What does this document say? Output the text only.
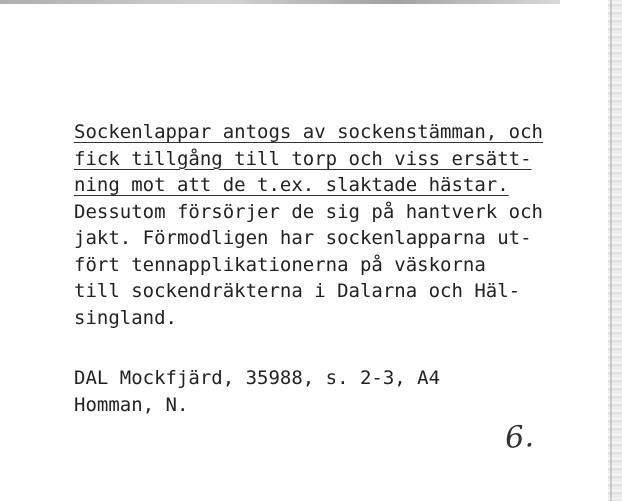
Sockenlappar antogs av sockenstämman, och
fick tillgång till torp och viss ersätt-
ning mot att de t.ex. slaktade hästar.
Dessutom försörjer de sig på hantverk och
jakt. Förmodligen har sockenlapparna ut-
fört tennapplikationerna på väskorna
till sockendräkterna i Dalarna och Häl-
singland.
DAL Mockfjärd, 35988, s. 2-3, A4
Homman, N.
6.
